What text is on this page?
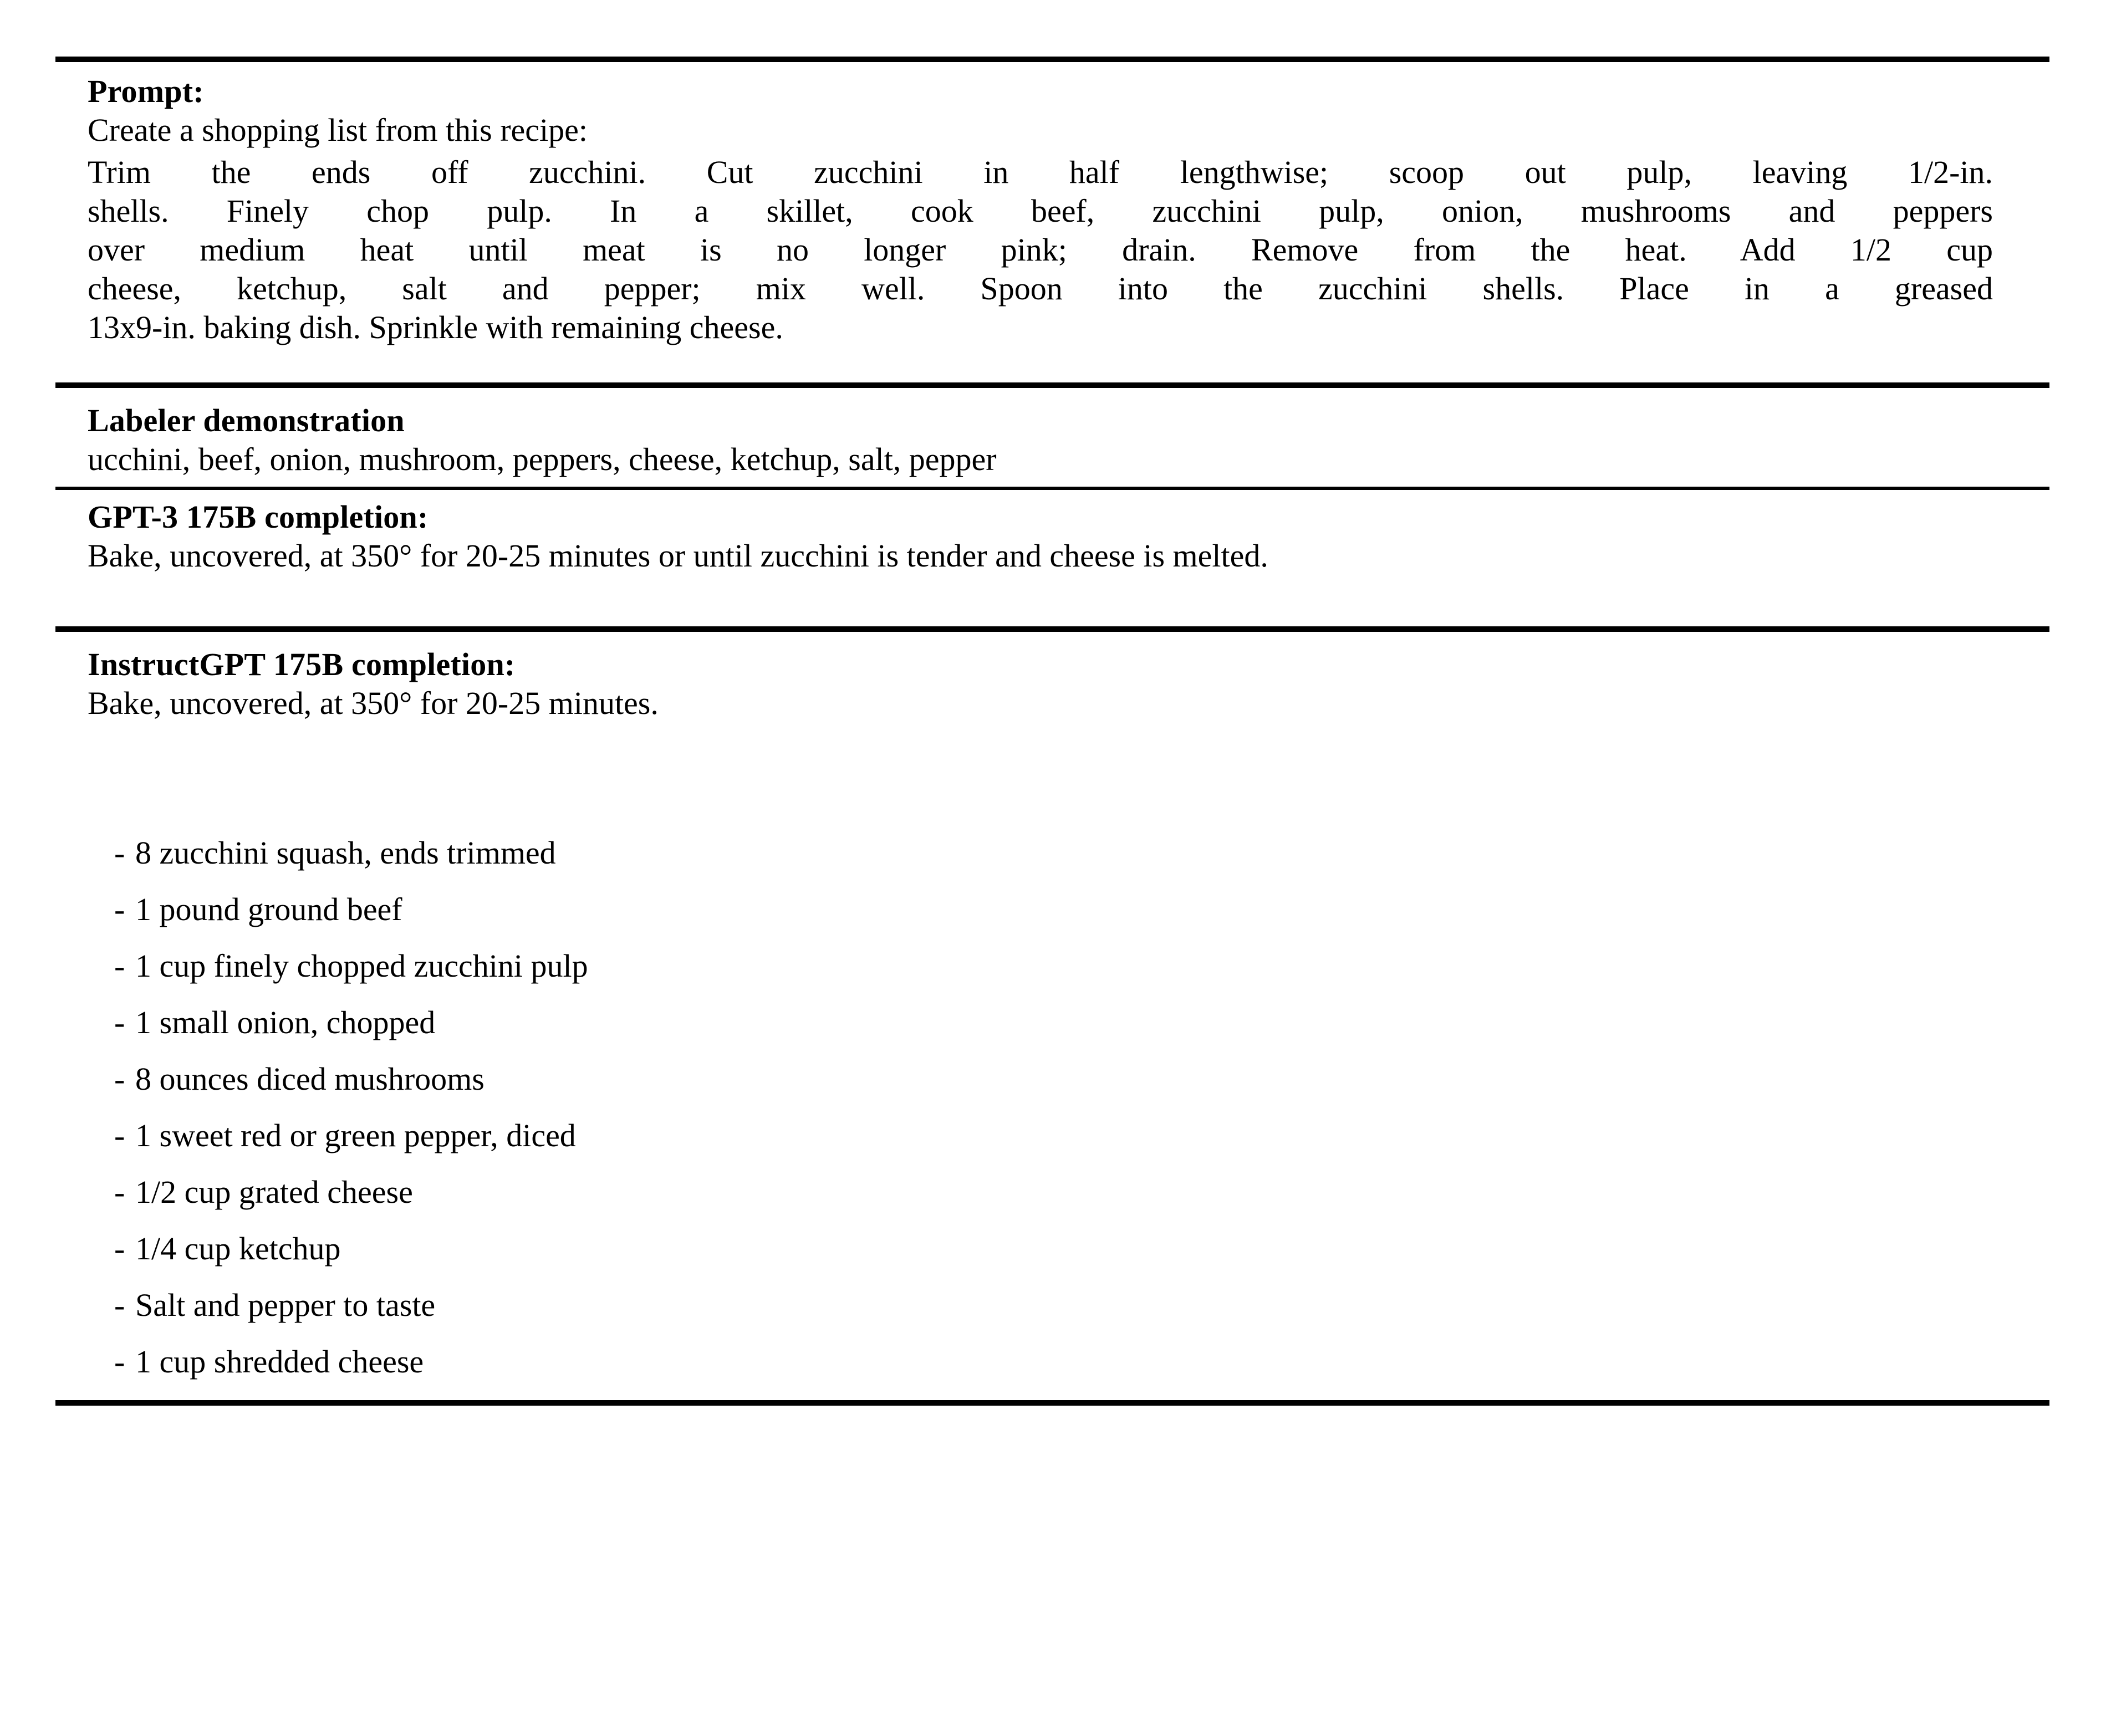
Prompt:
Create a shopping list from this recipe:
Trim the ends off zucchini. Cut zucchini in half lengthwise; scoop out pulp, leaving 1/2-in.
shells. Finely chop pulp. In a skillet, cook beef, zucchini pulp, onion, mushrooms and peppers
over medium heat until meat is no longer pink; drain. Remove from the heat. Add 1/2 cup
cheese, ketchup, salt and pepper; mix well. Spoon into the zucchini shells. Place in a greased
13x9-in. baking dish. Sprinkle with remaining cheese.
Labeler demonstration
ucchini, beef, onion, mushroom, peppers, cheese, ketchup, salt, pepper
GPT-3 175B completion:
Bake, uncovered, at 350° for 20-25 minutes or until zucchini is tender and cheese is melted.
InstructGPT 175B completion:
Bake, uncovered, at 350° for 20-25 minutes.
- 8 zucchini squash, ends trimmed
- 1 pound ground beef
- 1 cup finely chopped zucchini pulp
- 1 small onion, chopped
- 8 ounces diced mushrooms
- 1 sweet red or green pepper, diced
- 1/2 cup grated cheese
- 1/4 cup ketchup
- Salt and pepper to taste
- 1 cup shredded cheese
